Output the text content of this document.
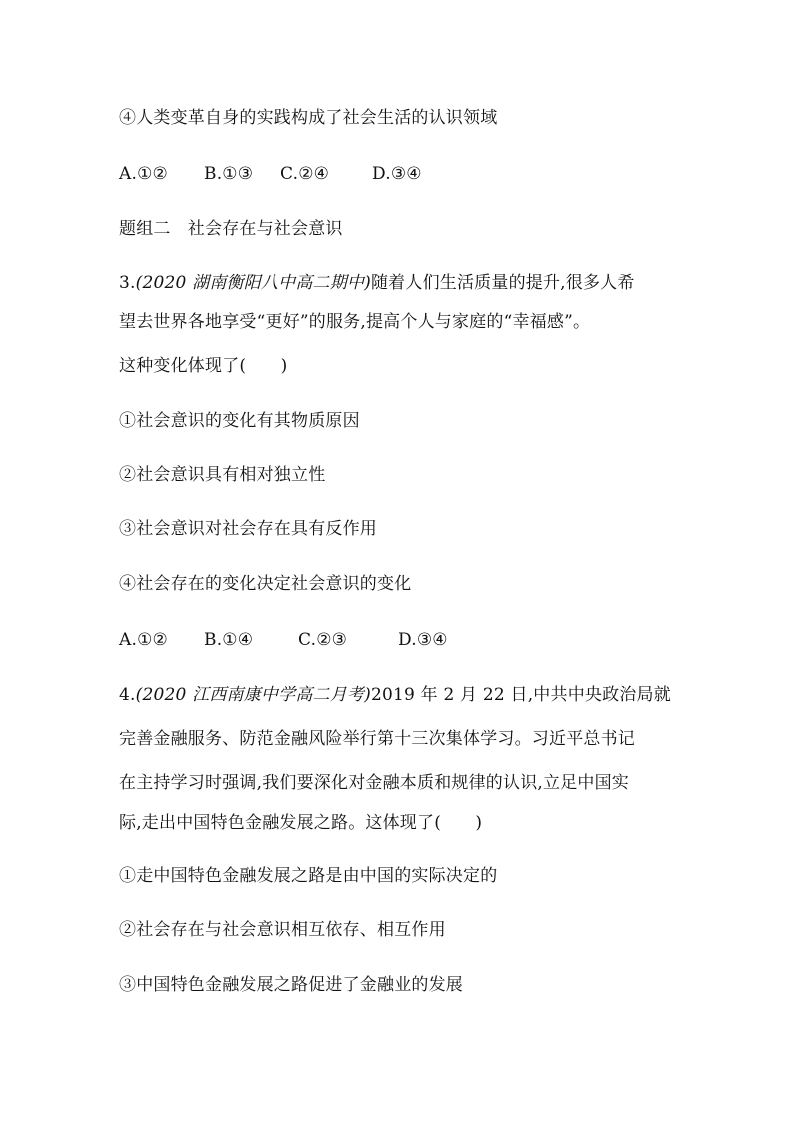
④人类变革自身的实践构成了社会生活的认识领域
A.①② B.①③ C.②④	D.③④
题组二　社会存在与社会意识
3.(2020 湖南衡阳八中高二期中)随着人们生活质量的提升,很多人希
望去世界各地享受“更好”的服务,提高个人与家庭的“幸福感”。
这种变化体现了(　　)
①社会意识的变化有其物质原因
②社会意识具有相对独立性
③社会意识对社会存在具有反作用
④社会存在的变化决定社会意识的变化
A.①② B.①④	C.②③	D.③④
4.(2020 江西南康中学高二月考)2019 年 2 月 22 日,中共中央政治局就
完善金融服务、防范金融风险举行第十三次集体学习。习近平总书记
在主持学习时强调,我们要深化对金融本质和规律的认识,立足中国实
际,走出中国特色金融发展之路。这体现了(　　)
①走中国特色金融发展之路是由中国的实际决定的
②社会存在与社会意识相互依存、相互作用
③中国特色金融发展之路促进了金融业的发展
